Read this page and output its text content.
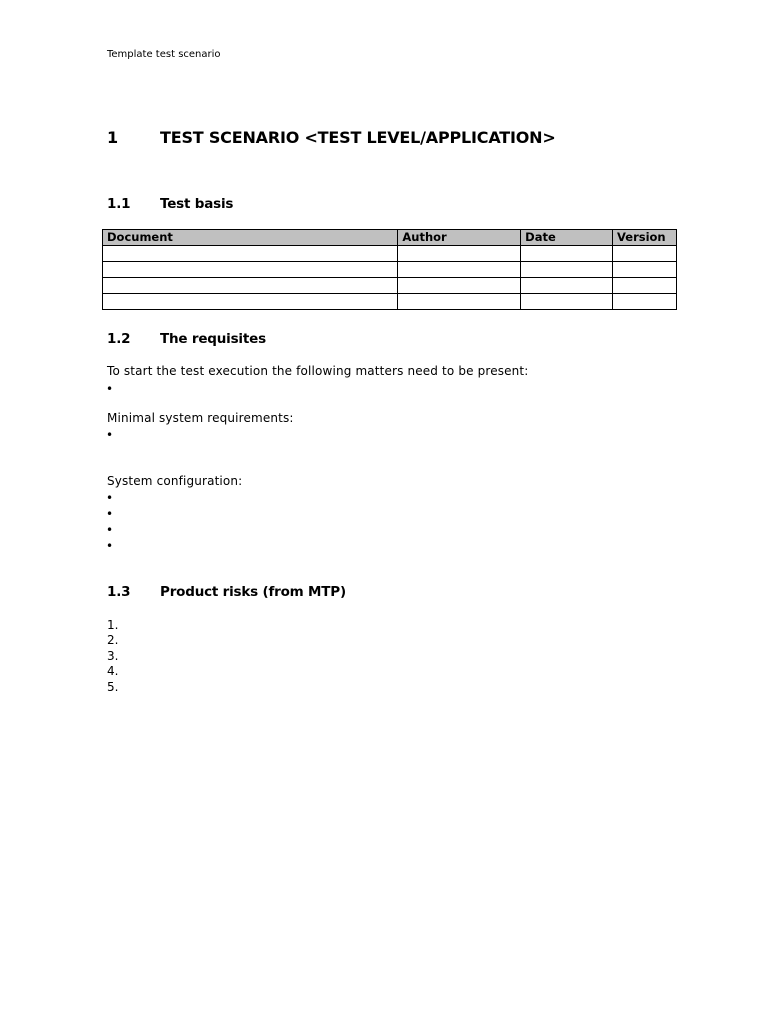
Template test scenario
1	TEST SCENARIO <TEST LEVEL/APPLICATION>
1.1 Test basis
Document	Author	Date	Version

1.2 The requisites
To start the test execution the following matters need to be present:
•
Minimal system requirements:
•
System configuration:
•
•
•
•
1.3 Product risks (from MTP)
1.
2.
3.
4.
5.
